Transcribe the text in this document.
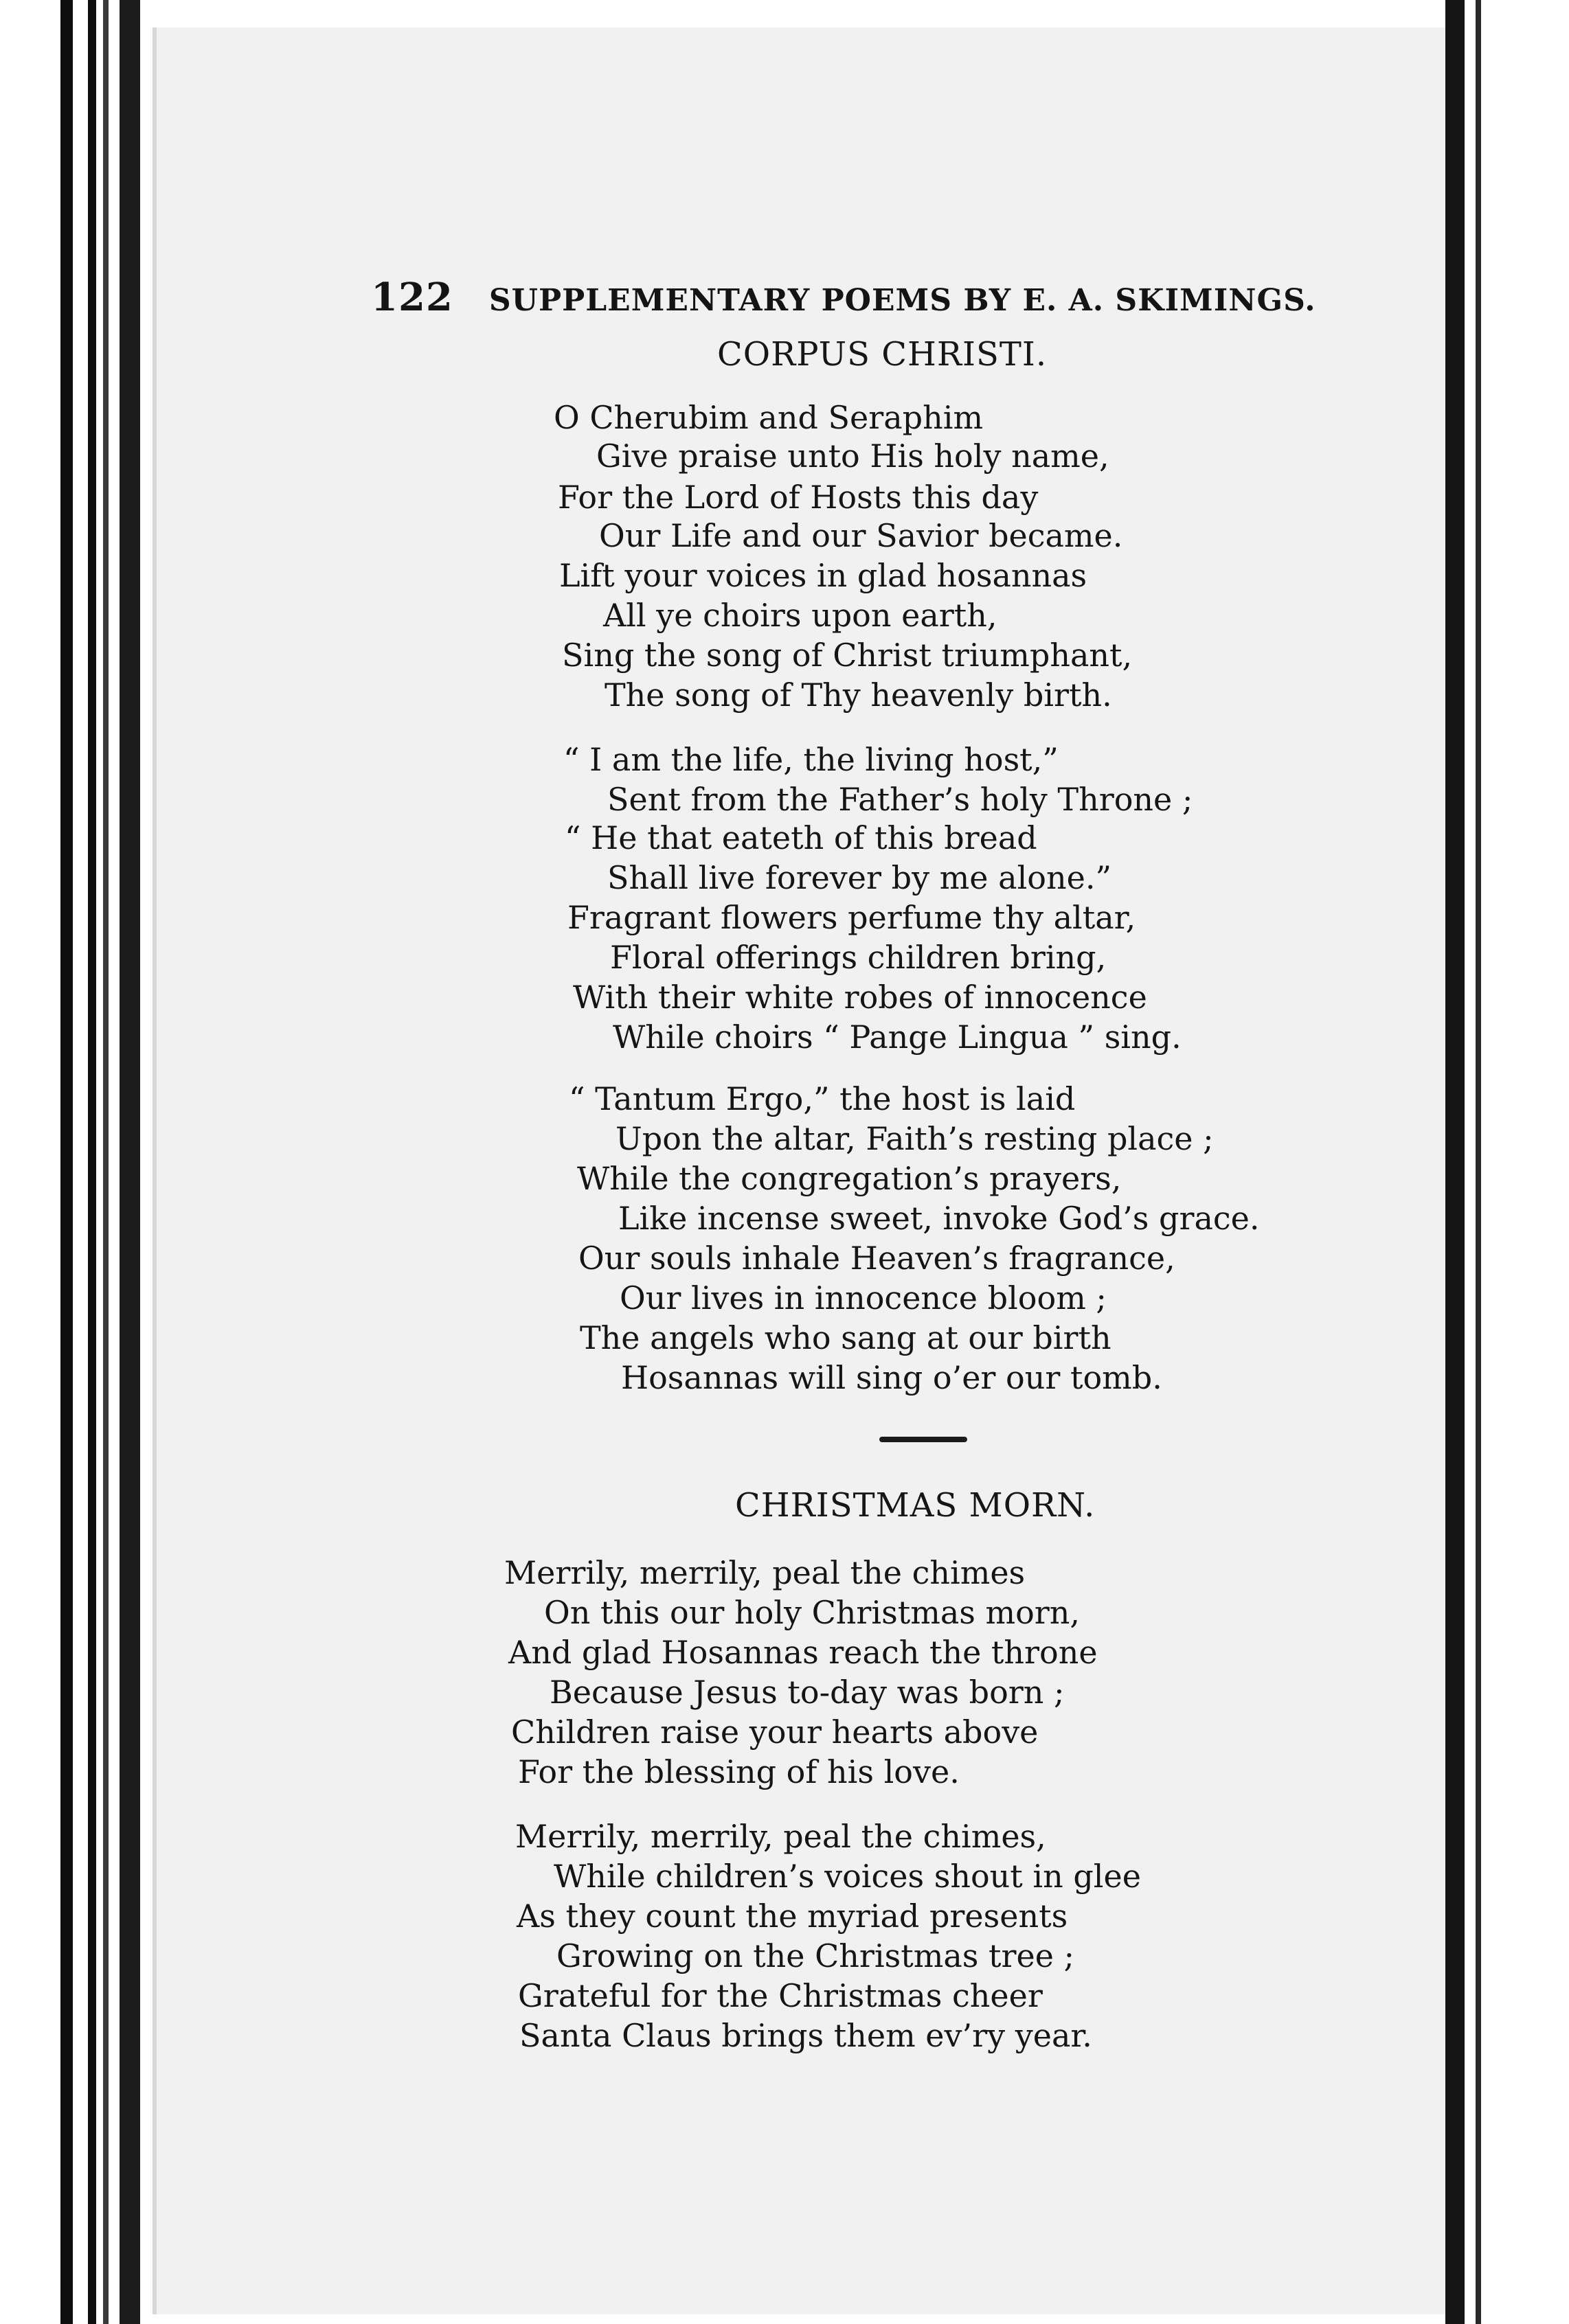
122 SUPPLEMENTARY POEMS BY E. A. SKIMINGS.
CORPUS CHRISTI.
O Cherubim and Seraphim
Give praise unto His holy name,
For the Lord of Hosts this day
Our Life and our Savior became.
Lift your voices in glad hosannas
All ye choirs upon earth,
Sing the song of Christ triumphant,
The song of Thy heavenly birth.
“ I am the life, the living host,”
Sent from the Father’s holy Throne ;
“ He that eateth of this bread
Shall live forever by me alone.”
Fragrant flowers perfume thy altar,
Floral offerings children bring,
With their white robes of innocence
While choirs “ Pange Lingua ” sing.
“ Tantum Ergo,” the host is laid
Upon the altar, Faith’s resting place ;
While the congregation’s prayers,
Like incense sweet, invoke God’s grace.
Our souls inhale Heaven’s fragrance,
Our lives in innocence bloom ;
The angels who sang at our birth
Hosannas will sing o’er our tomb.
CHRISTMAS MORN.
Merrily, merrily, peal the chimes
On this our holy Christmas morn,
And glad Hosannas reach the throne
Because Jesus to-day was born ;
Children raise your hearts above
For the blessing of his love.
Merrily, merrily, peal the chimes,
While children’s voices shout in glee
As they count the myriad presents
Growing on the Christmas tree ;
Grateful for the Christmas cheer
Santa Claus brings them ev’ry year.
